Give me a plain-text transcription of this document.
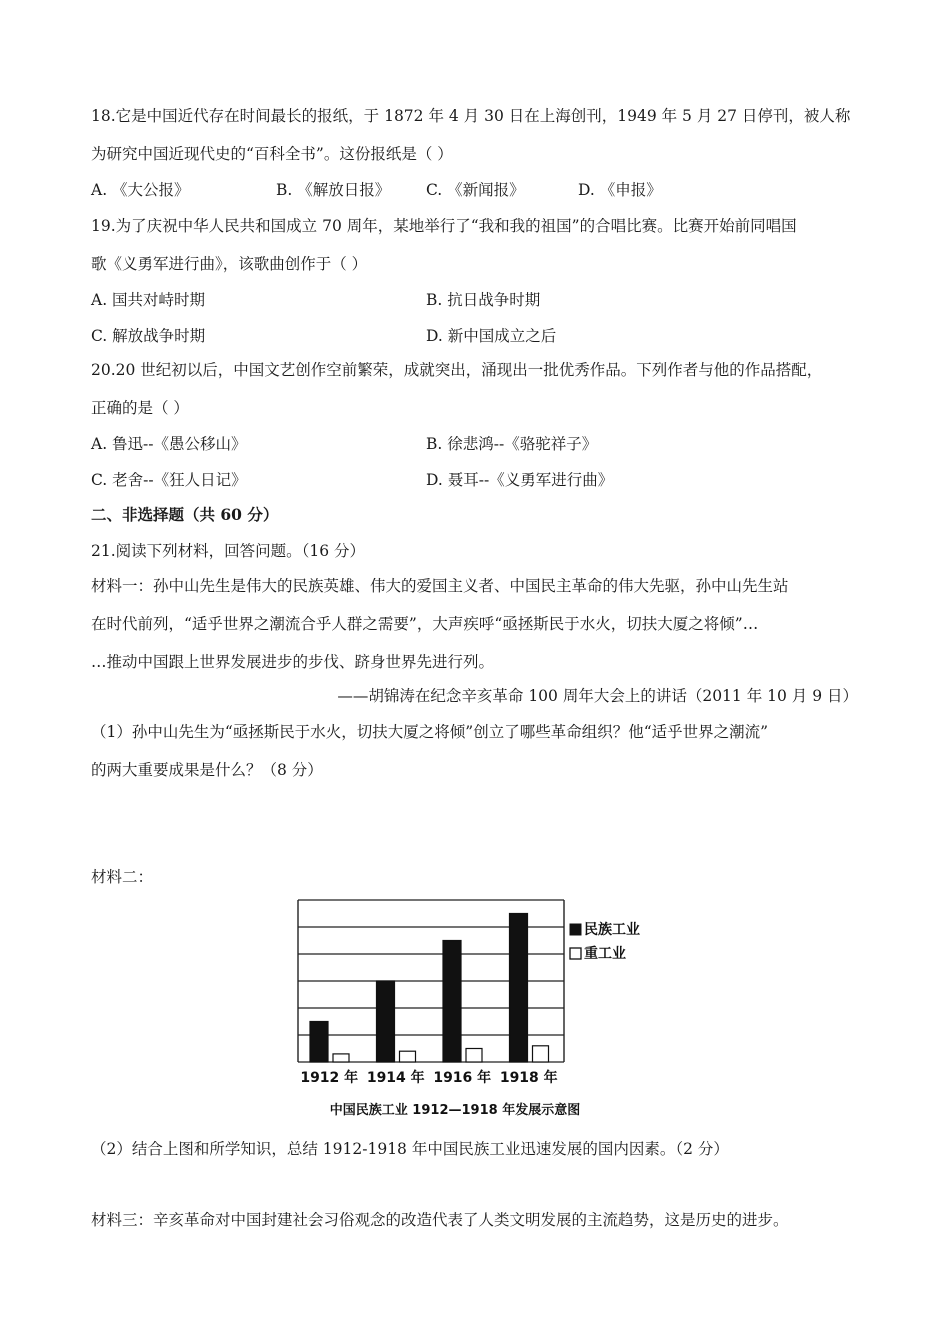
18.它是中国近代存在时间最长的报纸，于 1872 年 4 月 30 日在上海创刊，1949 年 5 月 27 日停刊，被人称
为研究中国近现代史的“百科全书”。这份报纸是（ ）
A. 《大公报》	B. 《解放日报》 C. 《新闻报》	D. 《申报》
19.为了庆祝中华人民共和国成立 70 周年，某地举行了“我和我的祖国”的合唱比赛。比赛开始前同唱国
歌《义勇军进行曲》，该歌曲创作于（ ）
A. 国共对峙时期	B. 抗日战争时期
C. 解放战争时期	D. 新中国成立之后
20.20 世纪初以后，中国文艺创作空前繁荣，成就突出，涌现出一批优秀作品。下列作者与他的作品搭配，
正确的是（ ）
A. 鲁迅--《愚公移山》	B. 徐悲鸿--《骆驼祥子》
C. 老舍--《狂人日记》	D. 聂耳--《义勇军进行曲》
二、非选择题（共 60 分）
21.阅读下列材料，回答问题。（16 分）
材料一：孙中山先生是伟大的民族英雄、伟大的爱国主义者、中国民主革命的伟大先驱，孙中山先生站
在时代前列，“适乎世界之潮流合乎人群之需要”，大声疾呼“亟拯斯民于水火，切扶大厦之将倾”…
…推动中国跟上世界发展进步的步伐、跻身世界先进行列。
——胡锦涛在纪念辛亥革命 100 周年大会上的讲话（2011 年 10 月 9 日）
（1）孙中山先生为“亟拯斯民于水火，切扶大厦之将倾”创立了哪些革命组织？他“适乎世界之潮流”
的两大重要成果是什么？（8 分）
材料二：
1912 年 1914 年 1916 年 1918 年
民族工业
重工业
中国民族工业 1912—1918 年发展示意图
（2）结合上图和所学知识，总结 1912-1918 年中国民族工业迅速发展的国内因素。（2 分）
材料三：辛亥革命对中国封建社会习俗观念的改造代表了人类文明发展的主流趋势，这是历史的进步。
